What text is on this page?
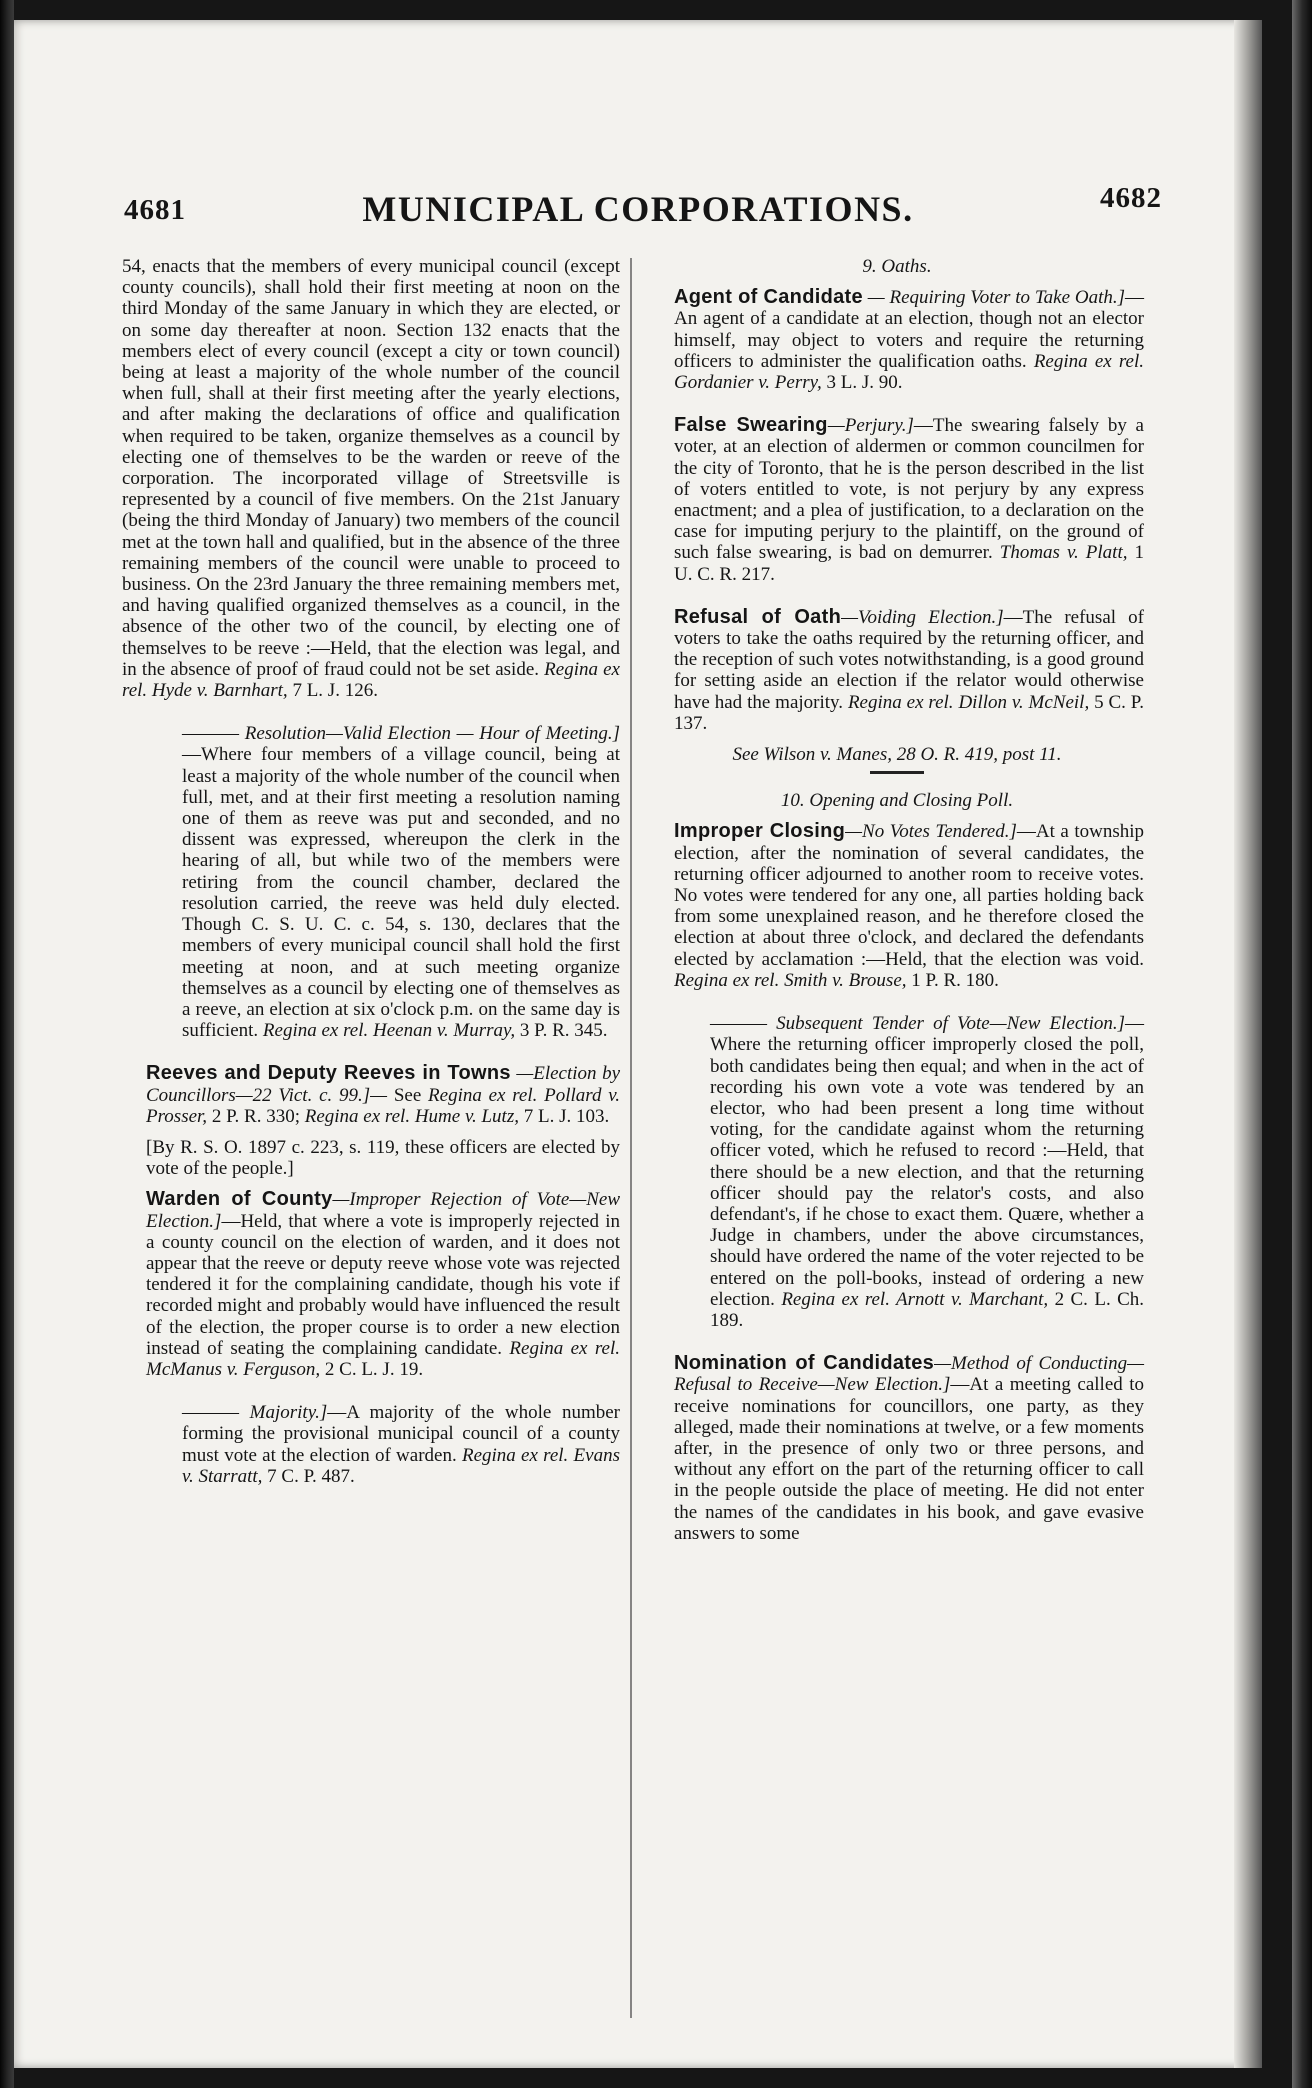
4681	MUNICIPAL CORPORATIONS.	4682

54, enacts that the members of every municipal council (except county councils), shall hold their first meeting at noon on the third Monday of the same January in which they are elected, or on some day thereafter at noon. Section 132 enacts that the members elect of every council (except a city or town council) being at least a majority of the whole number of the council when full, shall at their first meeting after the yearly elections, and after making the declarations of office and qualification when required to be taken, organize themselves as a council by electing one of themselves to be the warden or reeve of the corporation. The incorporated village of Streetsville is represented by a council of five members. On the 21st January (being the third Monday of January) two members of the council met at the town hall and qualified, but in the absence of the three remaining members of the council were unable to proceed to business. On the 23rd January the three remaining members met, and having qualified organized themselves as a council, in the absence of the other two of the council, by electing one of themselves to be reeve :—Held, that the election was legal, and in the absence of proof of fraud could not be set aside. Regina ex rel. Hyde v. Barnhart, 7 L. J. 126.

——— Resolution—Valid Election — Hour of Meeting.]—Where four members of a village council, being at least a majority of the whole number of the council when full, met, and at their first meeting a resolution naming one of them as reeve was put and seconded, and no dissent was expressed, whereupon the clerk in the hearing of all, but while two of the members were retiring from the council chamber, declared the resolution carried, the reeve was held duly elected. Though C. S. U. C. c. 54, s. 130, declares that the members of every municipal council shall hold the first meeting at noon, and at such meeting organize themselves as a council by electing one of themselves as a reeve, an election at six o'clock p.m. on the same day is sufficient. Regina ex rel. Heenan v. Murray, 3 P. R. 345.

Reeves and Deputy Reeves in Towns —Election by Councillors—22 Vict. c. 99.]— See Regina ex rel. Pollard v. Prosser, 2 P. R. 330; Regina ex rel. Hume v. Lutz, 7 L. J. 103.

[By R. S. O. 1897 c. 223, s. 119, these officers are elected by vote of the people.]

Warden of County—Improper Rejection of Vote—New Election.]—Held, that where a vote is improperly rejected in a county council on the election of warden, and it does not appear that the reeve or deputy reeve whose vote was rejected tendered it for the complaining candidate, though his vote if recorded might and probably would have influenced the result of the election, the proper course is to order a new election instead of seating the complaining candidate. Regina ex rel. McManus v. Ferguson, 2 C. L. J. 19.

——— Majority.]—A majority of the whole number forming the provisional municipal council of a county must vote at the election of warden. Regina ex rel. Evans v. Starratt, 7 C. P. 487.

9. Oaths.

Agent of Candidate — Requiring Voter to Take Oath.]—An agent of a candidate at an election, though not an elector himself, may object to voters and require the returning officers to administer the qualification oaths. Regina ex rel. Gordanier v. Perry, 3 L. J. 90.

False Swearing—Perjury.]—The swearing falsely by a voter, at an election of aldermen or common councilmen for the city of Toronto, that he is the person described in the list of voters entitled to vote, is not perjury by any express enactment; and a plea of justification, to a declaration on the case for imputing perjury to the plaintiff, on the ground of such false swearing, is bad on demurrer. Thomas v. Platt, 1 U. C. R. 217.

Refusal of Oath—Voiding Election.]—The refusal of voters to take the oaths required by the returning officer, and the reception of such votes notwithstanding, is a good ground for setting aside an election if the relator would otherwise have had the majority. Regina ex rel. Dillon v. McNeil, 5 C. P. 137.

See Wilson v. Manes, 28 O. R. 419, post 11.

10. Opening and Closing Poll.

Improper Closing—No Votes Tendered.]—At a township election, after the nomination of several candidates, the returning officer adjourned to another room to receive votes. No votes were tendered for any one, all parties holding back from some unexplained reason, and he therefore closed the election at about three o'clock, and declared the defendants elected by acclamation :—Held, that the election was void. Regina ex rel. Smith v. Brouse, 1 P. R. 180.

——— Subsequent Tender of Vote—New Election.]—Where the returning officer improperly closed the poll, both candidates being then equal; and when in the act of recording his own vote a vote was tendered by an elector, who had been present a long time without voting, for the candidate against whom the returning officer voted, which he refused to record :—Held, that there should be a new election, and that the returning officer should pay the relator's costs, and also defendant's, if he chose to exact them. Quære, whether a Judge in chambers, under the above circumstances, should have ordered the name of the voter rejected to be entered on the poll-books, instead of ordering a new election. Regina ex rel. Arnott v. Marchant, 2 C. L. Ch. 189.

Nomination of Candidates—Method of Conducting—Refusal to Receive—New Election.]—At a meeting called to receive nominations for councillors, one party, as they alleged, made their nominations at twelve, or a few moments after, in the presence of only two or three persons, and without any effort on the part of the returning officer to call in the people outside the place of meeting. He did not enter the names of the candidates in his book, and gave evasive answers to some
